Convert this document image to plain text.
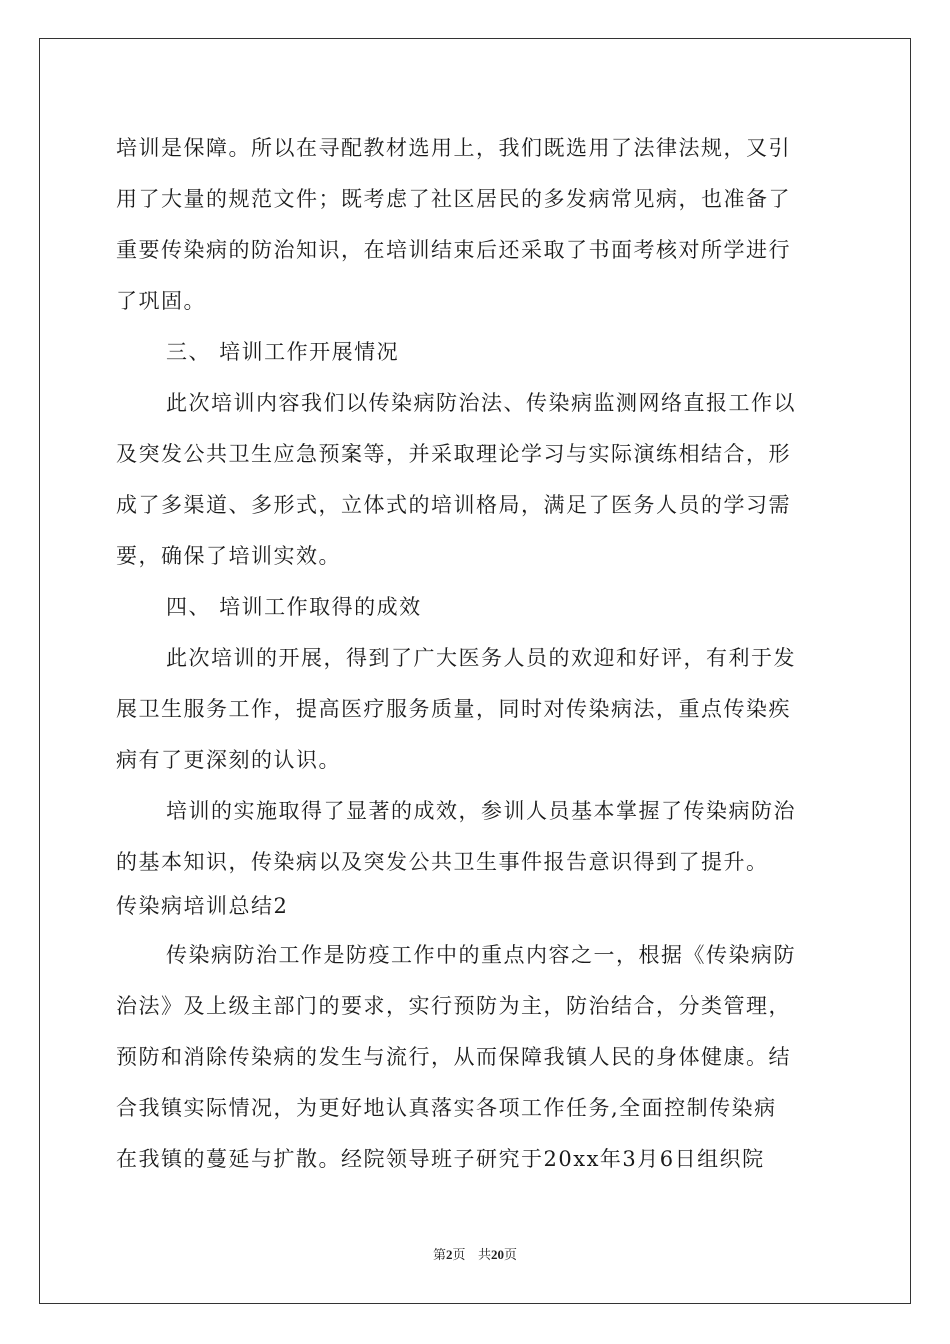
培训是保障。所以在寻配教材选用上，我们既选用了法律法规，又引
用了大量的规范文件；既考虑了社区居民的多发病常见病，也准备了
重要传染病的防治知识，在培训结束后还采取了书面考核对所学进行
了巩固。
三、 培训工作开展情况
此次培训内容我们以传染病防治法、传染病监测网络直报工作以
及突发公共卫生应急预案等，并采取理论学习与实际演练相结合，形
成了多渠道、多形式，立体式的培训格局，满足了医务人员的学习需
要，确保了培训实效。
四、 培训工作取得的成效
此次培训的开展，得到了广大医务人员的欢迎和好评，有利于发
展卫生服务工作，提高医疗服务质量，同时对传染病法，重点传染疾
病有了更深刻的认识。
培训的实施取得了显著的成效，参训人员基本掌握了传染病防治
的基本知识，传染病以及突发公共卫生事件报告意识得到了提升。
传染病培训总结2
传染病防治工作是防疫工作中的重点内容之一，根据《传染病防
治法》及上级主部门的要求，实行预防为主，防治结合，分类管理，
预防和消除传染病的发生与流行，从而保障我镇人民的身体健康。结
合我镇实际情况，为更好地认真落实各项工作任务,全面控制传染病
在我镇的蔓延与扩散。经院领导班子研究于20xx年3月6日组织院
第2页 共20页
